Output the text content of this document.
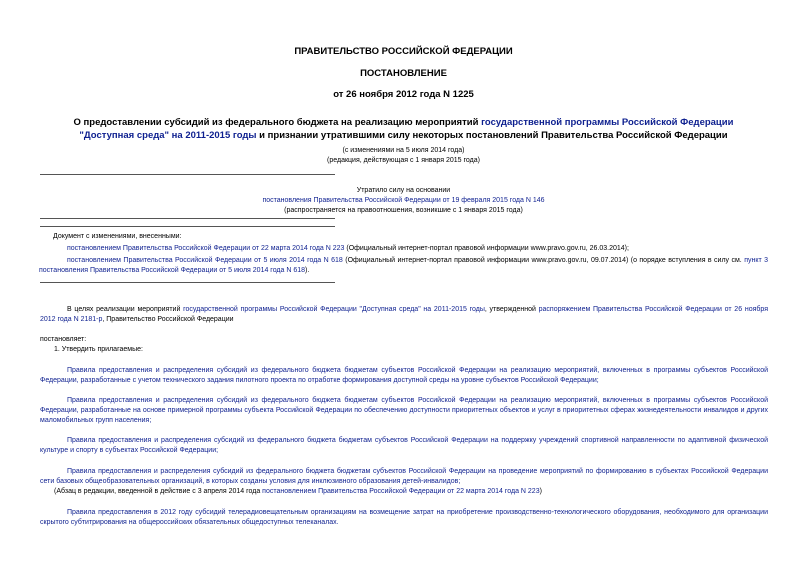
ПРАВИТЕЛЬСТВО РОССИЙСКОЙ ФЕДЕРАЦИИ
ПОСТАНОВЛЕНИЕ
от 26 ноября 2012 года N 1225
О предоставлении субсидий из федерального бюджета на реализацию мероприятий государственной программы Российской Федерации "Доступная среда" на 2011-2015 годы и признании утратившими силу некоторых постановлений Правительства Российской Федерации
(с изменениями на 5 июля 2014 года)
(редакция, действующая с 1 января 2015 года)
Утратило силу на основании
постановления Правительства Российской Федерации от 19 февраля 2015 года N 146
(распространяется на правоотношения, возникшие с 1 января 2015 года)

Документ с изменениями, внесенными:

постановлением Правительства Российской Федерации от 22 марта 2014 года N 223 (Официальный интернет-портал правовой информации www.pravo.gov.ru, 26.03.2014);

постановлением Правительства Российской Федерации от 5 июля 2014 года N 618 (Официальный интернет-портал правовой информации www.pravo.gov.ru, 09.07.2014) (о порядке вступления в силу см. пункт 3 постановления Правительства Российской Федерации от 5 июля 2014 года N 618).

В целях реализации мероприятий государственной программы Российской Федерации "Доступная среда" на 2011-2015 годы, утвержденной распоряжением Правительства Российской Федерации от 26 ноября 2012 года N 2181-р, Правительство Российской Федерации

постановляет:

1. Утвердить прилагаемые:

Правила предоставления и распределения субсидий из федерального бюджета бюджетам субъектов Российской Федерации на реализацию мероприятий, включенных в программы субъектов Российской Федерации, разработанные с учетом технического задания пилотного проекта по отработке формирования доступной среды на уровне субъектов Российской Федерации;

Правила предоставления и распределения субсидий из федерального бюджета бюджетам субъектов Российской Федерации на реализацию мероприятий, включенных в программы субъектов Российской Федерации, разработанные на основе примерной программы субъекта Российской Федерации по обеспечению доступности приоритетных объектов и услуг в приоритетных сферах жизнедеятельности инвалидов и других маломобильных групп населения;

Правила предоставления и распределения субсидий из федерального бюджета бюджетам субъектов Российской Федерации на поддержку учреждений спортивной направленности по адаптивной физической культуре и спорту в субъектах Российской Федерации;

Правила предоставления и распределения субсидий из федерального бюджета бюджетам субъектов Российской Федерации на проведение мероприятий по формированию в субъектах Российской Федерации сети базовых общеобразовательных организаций, в которых созданы условия для инклюзивного образования детей-инвалидов;

(Абзац в редакции, введенной в действие с 3 апреля 2014 года постановлением Правительства Российской Федерации от 22 марта 2014 года N 223)

Правила предоставления в 2012 году субсидий телерадиовещательным организациям на возмещение затрат на приобретение производственно-технологического оборудования, необходимого для организации скрытого субтитрирования на общероссийских обязательных общедоступных телеканалах.
